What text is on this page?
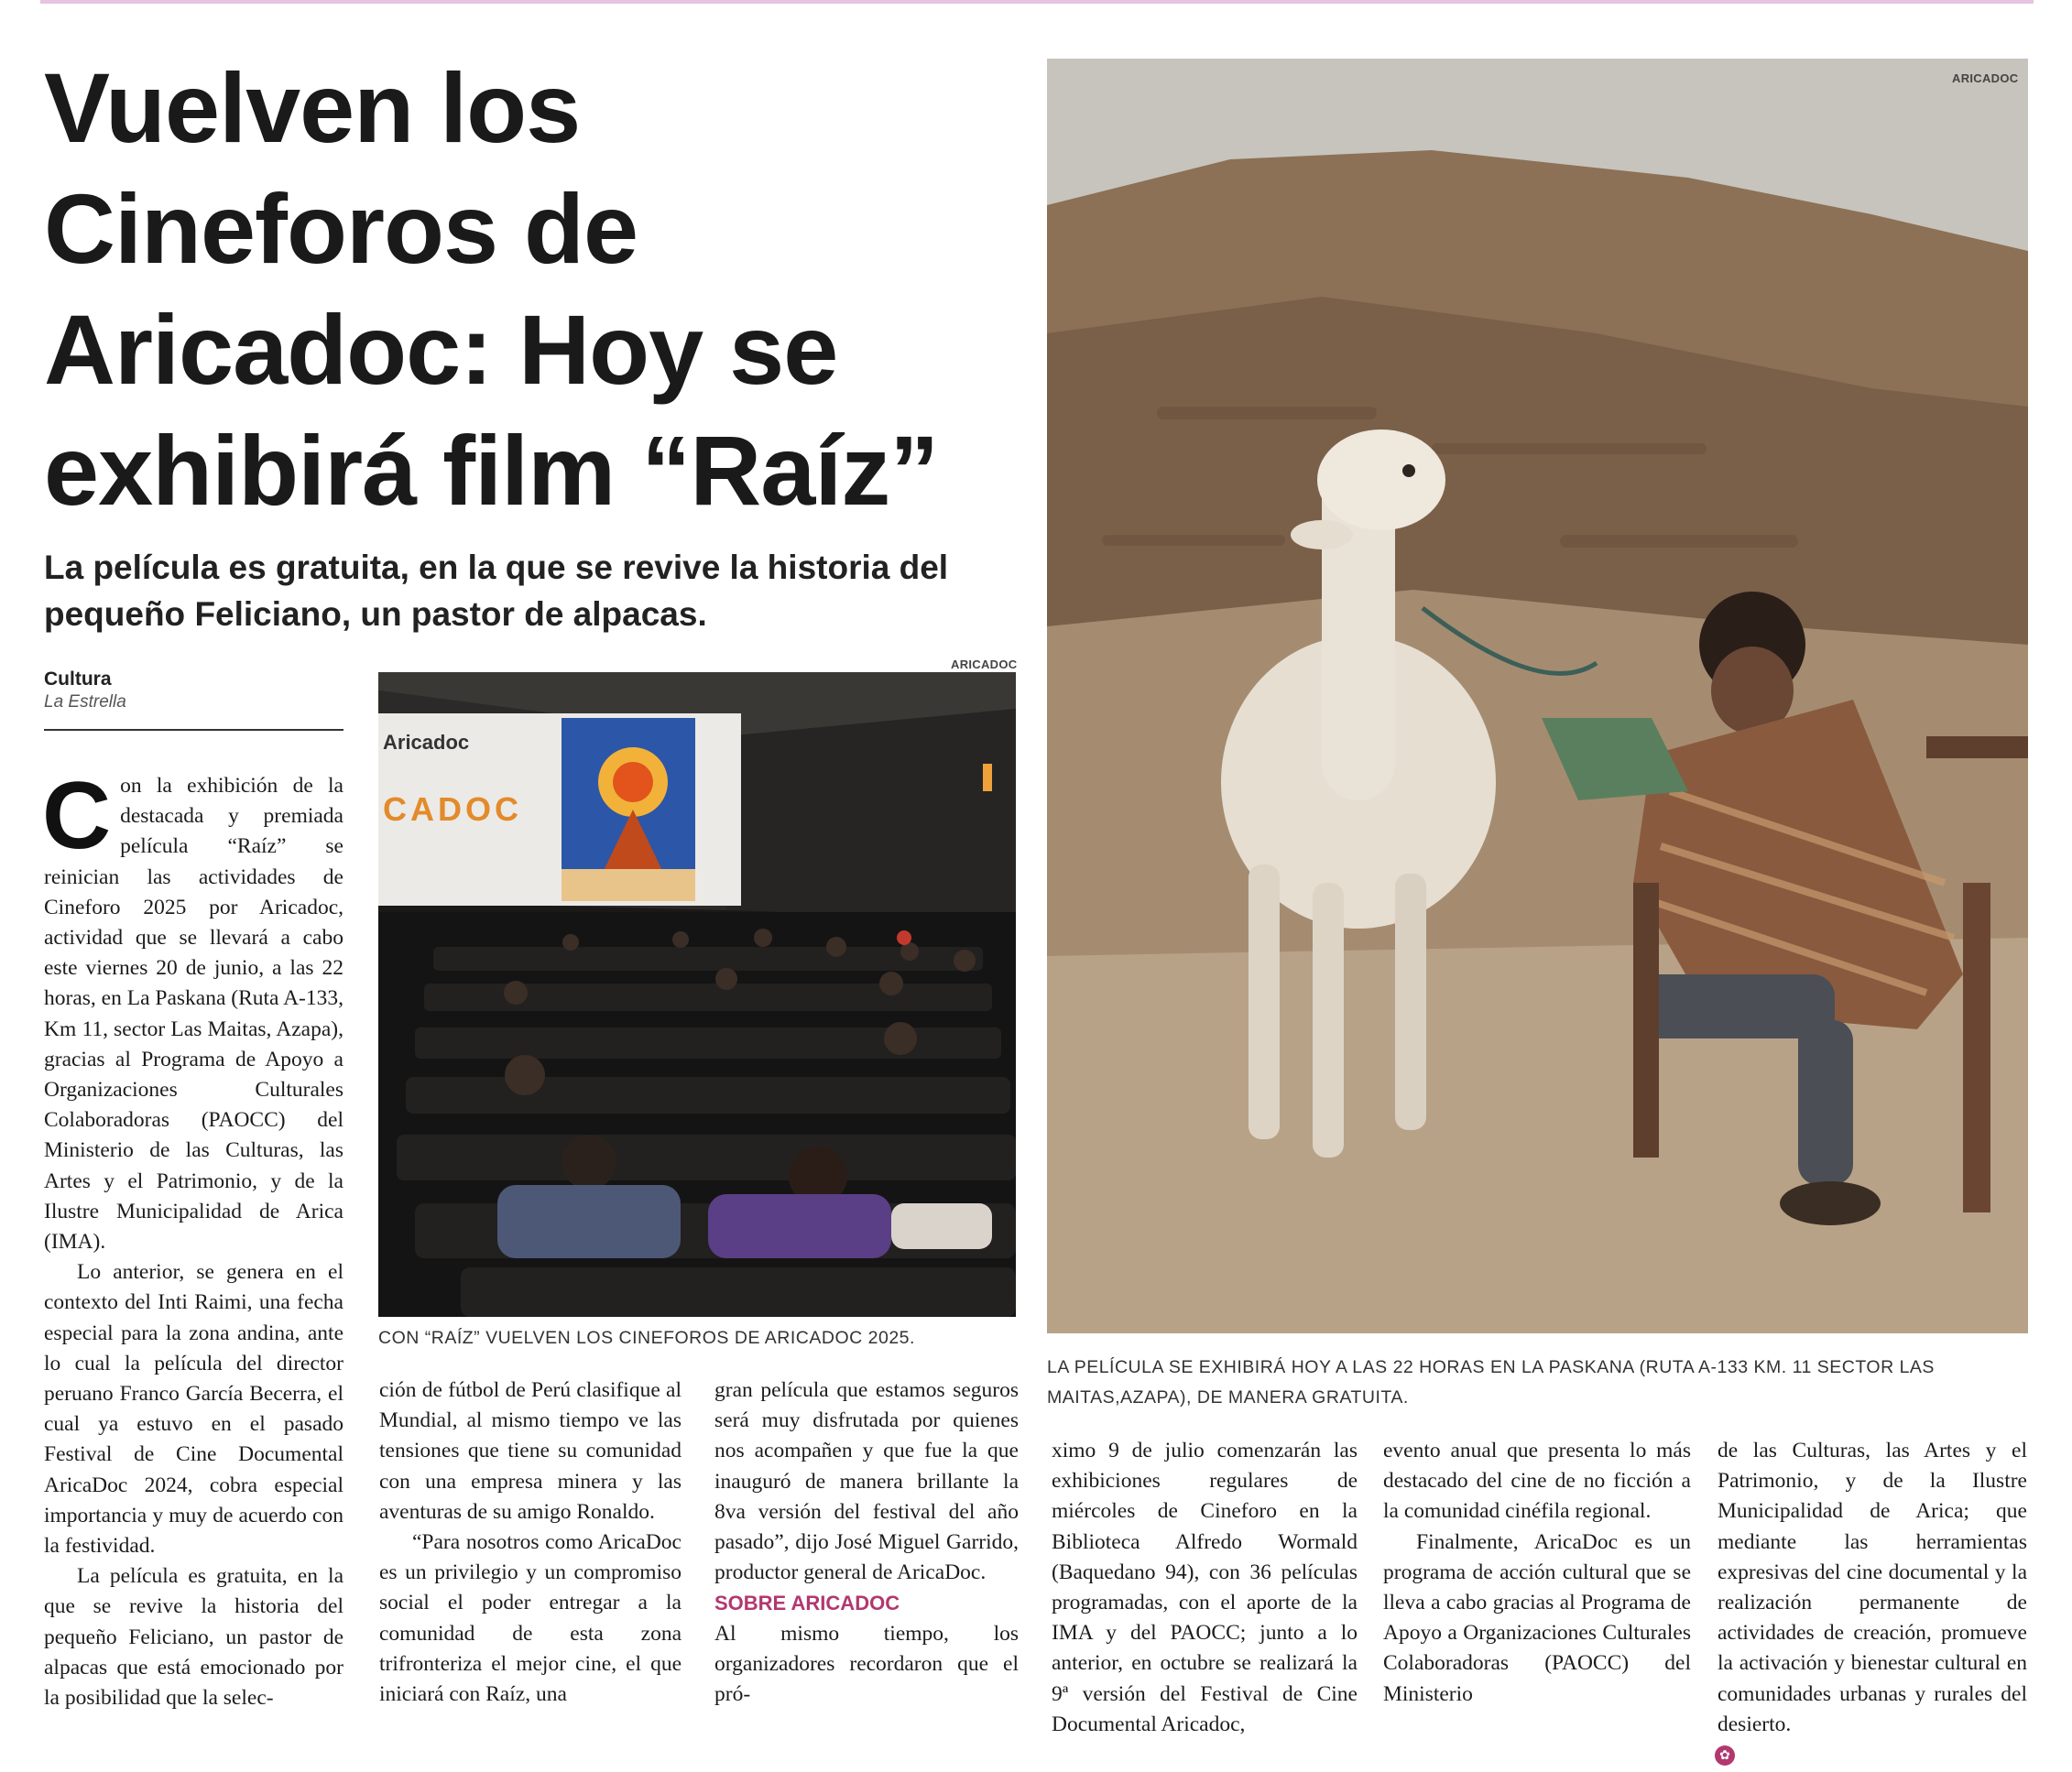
Vuelven los
Cineforos de
Aricadoc: Hoy se
exhibirá film “Raíz”
La película es gratuita, en la que se revive la historia del
pequeño Feliciano, un pastor de alpacas.
Cultura
La Estrella

Con la exhibición de la destacada y premiada película “Raíz” se reinician las actividades de Cineforo 2025 por Aricadoc, actividad que se llevará a cabo este viernes 20 de junio, a las 22 horas, en La Paskana (Ruta A-133, Km 11, sector Las Maitas, Azapa), gracias al Programa de Apoyo a Organizaciones Culturales Colaboradoras (PAOCC) del Ministerio de las Culturas, las Artes y el Patrimonio, y de la Ilustre Municipalidad de Arica (IMA).

Lo anterior, se genera en el contexto del Inti Raimi, una fecha especial para la zona andina, ante lo cual la película del director peruano Franco García Becerra, el cual ya estuvo en el pasado Festival de Cine Documental AricaDoc 2024, cobra especial importancia y muy de acuerdo con la festividad.

La película es gratuita, en la que se revive la historia del pequeño Feliciano, un pastor de alpacas que está emocionado por la posibilidad que la selec-

ARICADOC
Aricadoc
CADOC
CON “RAÍZ” VUELVEN LOS CINEFOROS DE ARICADOC 2025.
ARICADOC
LA PELÍCULA SE EXHIBIRÁ HOY A LAS 22 HORAS EN LA PASKANA (RUTA A-133 KM. 11 SECTOR LAS
MAITAS,AZAPA), DE MANERA GRATUITA.

ción de fútbol de Perú clasifique al Mundial, al mismo tiempo ve las tensiones que tiene su comunidad con una empresa minera y las aventuras de su amigo Ronaldo.

“Para nosotros como AricaDoc es un privilegio y un compromiso social el poder entregar a la comunidad de esta zona trifronteriza el mejor cine, el que iniciará con Raíz, una

gran película que estamos seguros será muy disfrutada por quienes nos acompañen y que fue la que inauguró de manera brillante la 8va versión del festival del año pasado”, dijo José Miguel Garrido, productor general de AricaDoc.

SOBRE ARICADOC

Al mismo tiempo, los organizadores recordaron que el pró-

ximo 9 de julio comenzarán las exhibiciones regulares de miércoles de Cineforo en la Biblioteca Alfredo Wormald (Baquedano 94), con 36 películas programadas, con el aporte de la IMA y del PAOCC; junto a lo anterior, en octubre se realizará la 9ª versión del Festival de Cine Documental Aricadoc,

evento anual que presenta lo más destacado del cine de no ficción a la comunidad cinéfila regional.

Finalmente, AricaDoc es un programa de acción cultural que se lleva a cabo gracias al Programa de Apoyo a Organizaciones Culturales Colaboradoras (PAOCC) del Ministerio

de las Culturas, las Artes y el Patrimonio, y de la Ilustre Municipalidad de Arica; que mediante las herramientas expresivas del cine documental y la realización permanente de actividades de creación, promueve la activación y bienestar cultural en comunidades urbanas y rurales del desierto.

✿
